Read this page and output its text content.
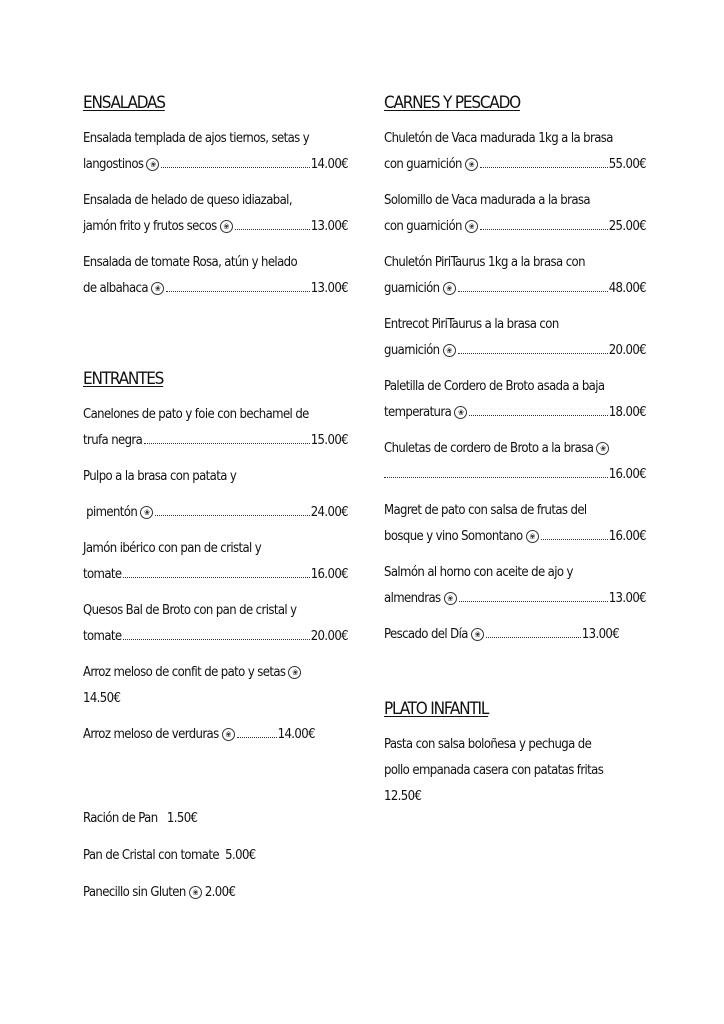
ENSALADAS
Ensalada templada de ajos tiernos, setas y
langostinos ❀	14.00€
Ensalada de helado de queso idiazabal,
jamón frito y frutos secos ❀	13.00€
Ensalada de tomate Rosa, atún y helado
de albahaca ❀	13.00€
ENTRANTES
Canelones de pato y foie con bechamel de
trufa negra	15.00€
Pulpo a la brasa con patata y
pimentón ❀	24.00€
Jamón ibérico con pan de cristal y
tomate	16.00€
Quesos Bal de Broto con pan de cristal y
tomate	20.00€
Arroz meloso de confit de pato y setas ❀
14.50€
Arroz meloso de verduras ❀	14.00€
Ración de Pan 1.50€
Pan de Cristal con tomate 5.00€
Panecillo sin Gluten ❀ 2.00€
CARNES Y PESCADO
Chuletón de Vaca madurada 1kg a la brasa
con guarnición ❀	55.00€
Solomillo de Vaca madurada a la brasa
con guarnición ❀	25.00€
Chuletón PiriTaurus 1kg a la brasa con
guarnición ❀	48.00€
Entrecot PiriTaurus a la brasa con
guarnición ❀	20.00€
Paletilla de Cordero de Broto asada a baja
temperatura ❀	18.00€
Chuletas de cordero de Broto a la brasa ❀
16.00€
Magret de pato con salsa de frutas del
bosque y vino Somontano ❀	16.00€
Salmón al horno con aceite de ajo y
almendras ❀	13.00€
Pescado del Día ❀	13.00€
PLATO INFANTIL
Pasta con salsa boloñesa y pechuga de
pollo empanada casera con patatas fritas
12.50€
